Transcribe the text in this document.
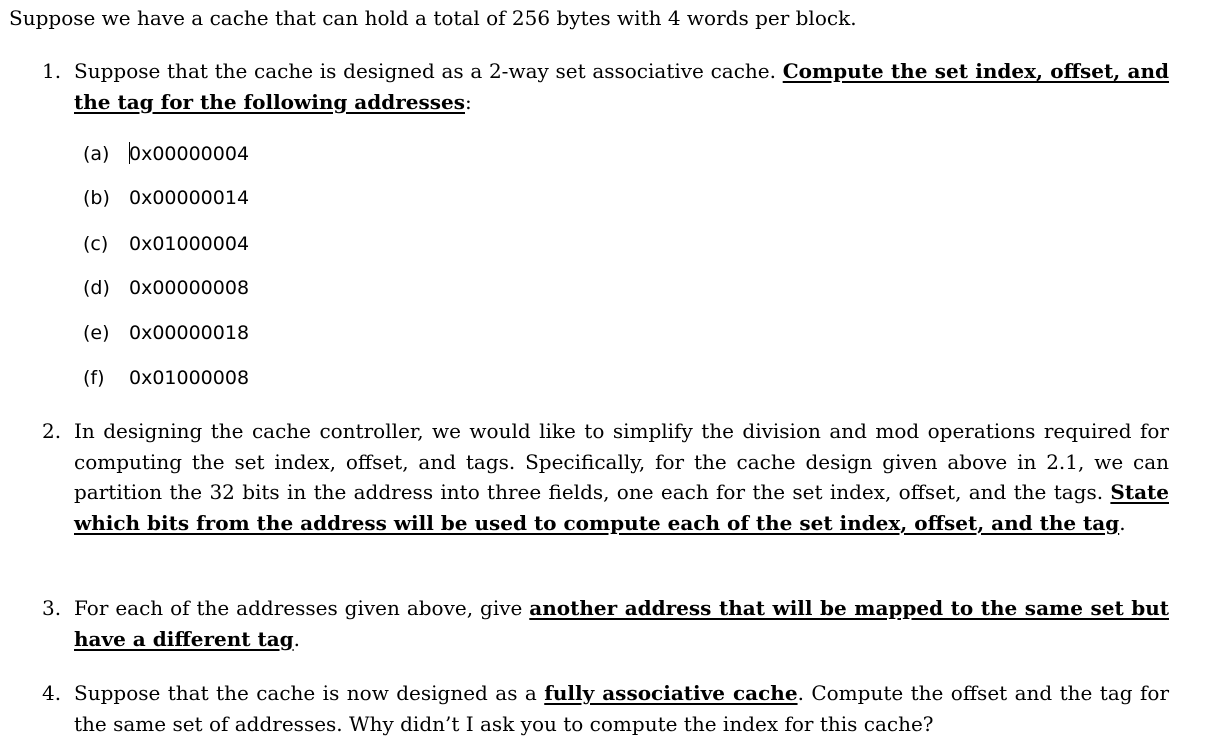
Suppose we have a cache that can hold a total of 256 bytes with 4 words per block.
1. Suppose that the cache is designed as a 2-way set associative cache. Compute the set index, offset, and the tag for the following addresses:
(a) 0x00000004
(b) 0x00000014
(c) 0x01000004
(d) 0x00000008
(e) 0x00000018
(f) 0x01000008
2. In designing the cache controller, we would like to simplify the division and mod operations required for computing the set index, offset, and tags. Specifically, for the cache design given above in 2.1, we can partition the 32 bits in the address into three fields, one each for the set index, offset, and the tags. State which bits from the address will be used to compute each of the set index, offset, and the tag.
3. For each of the addresses given above, give another address that will be mapped to the same set but have a different tag.
4. Suppose that the cache is now designed as a fully associative cache. Compute the offset and the tag for the same set of addresses. Why didn’t I ask you to compute the index for this cache?
